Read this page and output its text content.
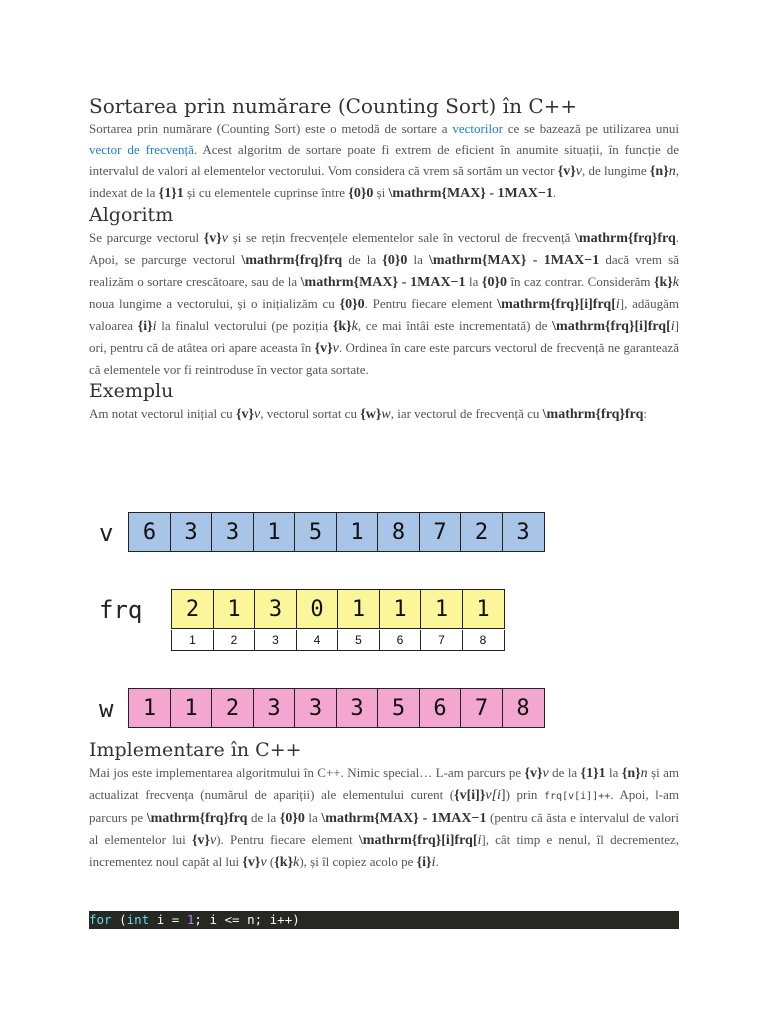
Sortarea prin numărare (Counting Sort) în C++

Sortarea prin numărare (Counting Sort) este o metodă de sortare a vectorilor ce se bazează pe utilizarea unui vector de frecvență. Acest algoritm de sortare poate fi extrem de eficient în anumite situații, în funcție de intervalul de valori al elementelor vectorului. Vom considera că vrem să sortăm un vector {v}v, de lungime {n}n, indexat de la {1}1 și cu elementele cuprinse între {0}0 și \mathrm{MAX} - 1MAX−1.

Algoritm

Se parcurge vectorul {v}v și se rețin frecvențele elementelor sale în vectorul de frecvență \mathrm{frq}frq. Apoi, se parcurge vectorul \mathrm{frq}frq de la {0}0 la \mathrm{MAX} - 1MAX−1 dacă vrem să realizăm o sortare crescătoare, sau de la \mathrm{MAX} - 1MAX−1 la {0}0 în caz contrar. Considerăm {k}k noua lungime a vectorului, și o inițializăm cu {0}0. Pentru fiecare element \mathrm{frq}[i]frq[i], adăugăm valoarea {i}i la finalul vectorului (pe poziția {k}k, ce mai întâi este incrementată) de \mathrm{frq}[i]frq[i] ori, pentru că de atâtea ori apare aceasta în {v}v. Ordinea în care este parcurs vectorul de frecvență ne garantează că elementele vor fi reintroduse în vector gata sortate.

Exemplu

Am notat vectorul inițial cu {v}v, vectorul sortat cu {w}w, iar vectorul de frecvență cu \mathrm{frq}frq:

v	6	3	3	1	5	1	8	7	2	3
frq	2	1	3	0	1	1	1	1
1	2	3	4	5	6	7	8
w	1	1	2	3	3	3	5	6	7	8
Implementare în C++

Mai jos este implementarea algoritmului în C++. Nimic special… L-am parcurs pe {v}v de la {1}1 la {n}n și am actualizat frecvența (numărul de apariții) ale elementului curent ({v[i]}v[i]) prin frq[v[i]]++. Apoi, l-am parcurs pe \mathrm{frq}frq de la {0}0 la \mathrm{MAX} - 1MAX−1 (pentru că ăsta e intervalul de valori al elementelor lui {v}v). Pentru fiecare element \mathrm{frq}[i]frq[i], cât timp e nenul, îl decrementez, incrementez noul capăt al lui {v}v ({k}k), și îl copiez acolo pe {i}i.

for (int i = 1; i <= n; i++)
